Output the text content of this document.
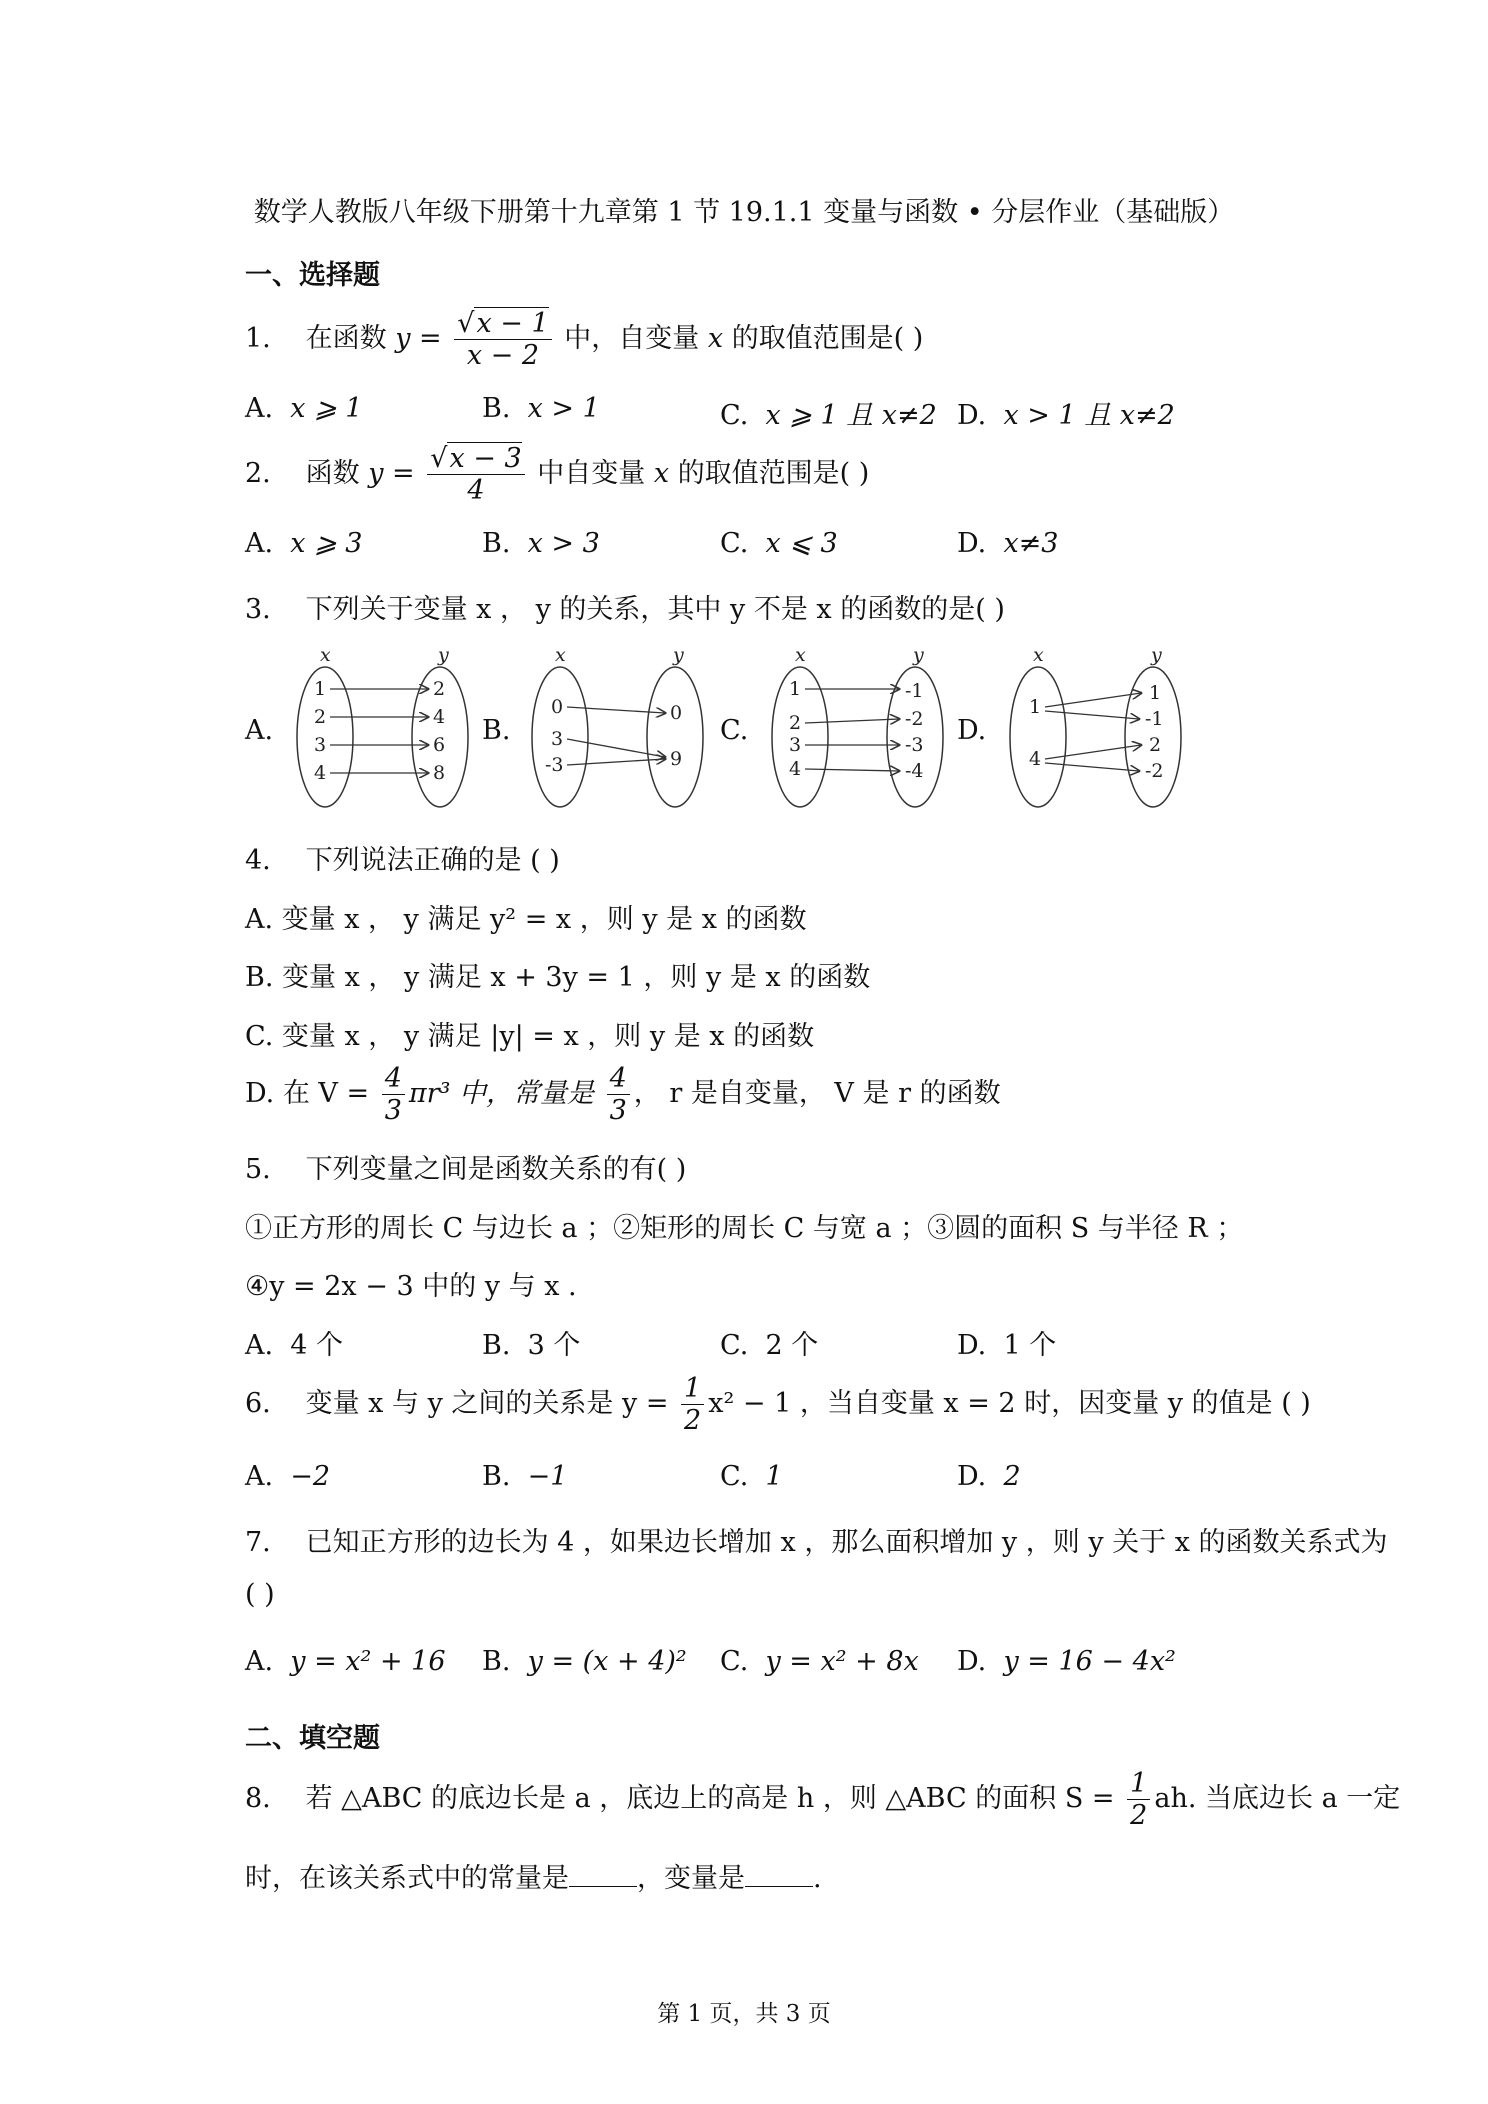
数学人教版八年级下册第十九章第 1 节 19.1.1 变量与函数 • 分层作业（基础版）
一、选择题
1. 在函数 $y = \frac{√x - 1}{x - 2}$ 中，自变量 x 的取值范围是( )
A. x ⩾ 1	B. x > 1	C. x ⩾ 1 且 x≠2 D. x > 1 且 x≠2
2. 函数 $y = \frac{√x - 3}{4}$ 中自变量 x 的取值范围是( )
A. x ⩾ 3	B. x > 3	C. x ⩽ 3	D. x≠3
3. 下列关于变量 x ， y 的关系，其中 y 不是 x 的函数的是( )
A.	B.	C.	D.
x	y
1
2
3
4
2
4
6
8
x	y
0
3
-3
0
9
x	y
1
2
3
4
-1
-2
-3
-4
x	y
1
4
1
-1
2
-2
4. 下列说法正确的是 ( )
A. 变量 x ， y 满足 y² = x ，则 y 是 x 的函数
B. 变量 x ， y 满足 x + 3y = 1 ，则 y 是 x 的函数
C. 变量 x ， y 满足 |y| = x ，则 y 是 x 的函数
D. 在 $V = \frac{4}{3} \pi r^3$ 中，常量是 $\frac{4}{3}$ ， r 是自变量， V 是 r 的函数
5. 下列变量之间是函数关系的有( )
①正方形的周长 C 与边长 a ；②矩形的周长 C 与宽 a ；③圆的面积 S 与半径 R ；
④y = 2x − 3 中的 y 与 x .
A. 4 个	B. 3 个	C. 2 个	D. 1 个
6. 变量 x 与 y 之间的关系是 $y = \frac{1}{2} x^2 - 1$ ，当自变量 x = 2 时，因变量 y 的值是 ( )
A. −2	B. −1	C. 1	D. 2
7. 已知正方形的边长为 4 ，如果边长增加 x ，那么面积增加 y ，则 y 关于 x 的函数关系式为
( )
A. y = x² + 16 B. y = (x + 4)² C. y = x² + 8x D. y = 16 − 4x²
二、填空题
8. 若 △ABC 的底边长是 a ，底边上的高是 h ，则 △ABC 的面积 $S = \frac{1}{2}$ ah. 当底边长 a 一定
时，在该关系式中的常量是	，变量是	.
第 1 页，共 3 页
